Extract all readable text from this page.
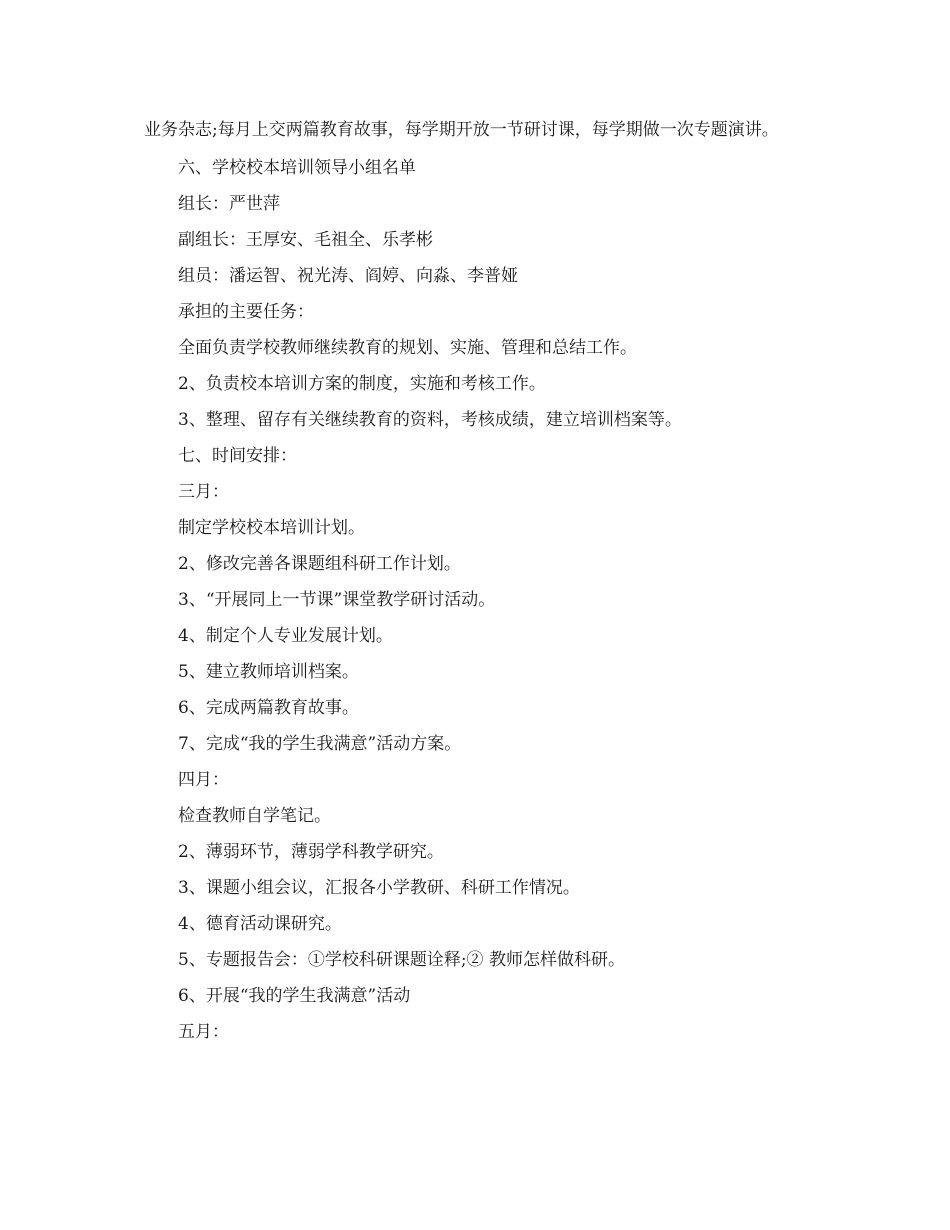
业务杂志;每月上交两篇教育故事，每学期开放一节研讨课，每学期做一次专题演讲。

六、学校校本培训领导小组名单

组长：严世萍

副组长：王厚安、毛祖全、乐孝彬

组员：潘运智、祝光涛、阎婷、向淼、李普娅

承担的主要任务：

全面负责学校教师继续教育的规划、实施、管理和总结工作。

2、负责校本培训方案的制度，实施和考核工作。

3、整理、留存有关继续教育的资料，考核成绩，建立培训档案等。

七、时间安排：

三月：

制定学校校本培训计划。

2、修改完善各课题组科研工作计划。

3、“开展同上一节课”课堂教学研讨活动。

4、制定个人专业发展计划。

5、建立教师培训档案。

6、完成两篇教育故事。

7、完成“我的学生我满意”活动方案。

四月：

检查教师自学笔记。

2、薄弱环节，薄弱学科教学研究。

3、课题小组会议，汇报各小学教研、科研工作情况。

4、德育活动课研究。

5、专题报告会：①学校科研课题诠释;② 教师怎样做科研。

6、开展“我的学生我满意”活动

五月：
